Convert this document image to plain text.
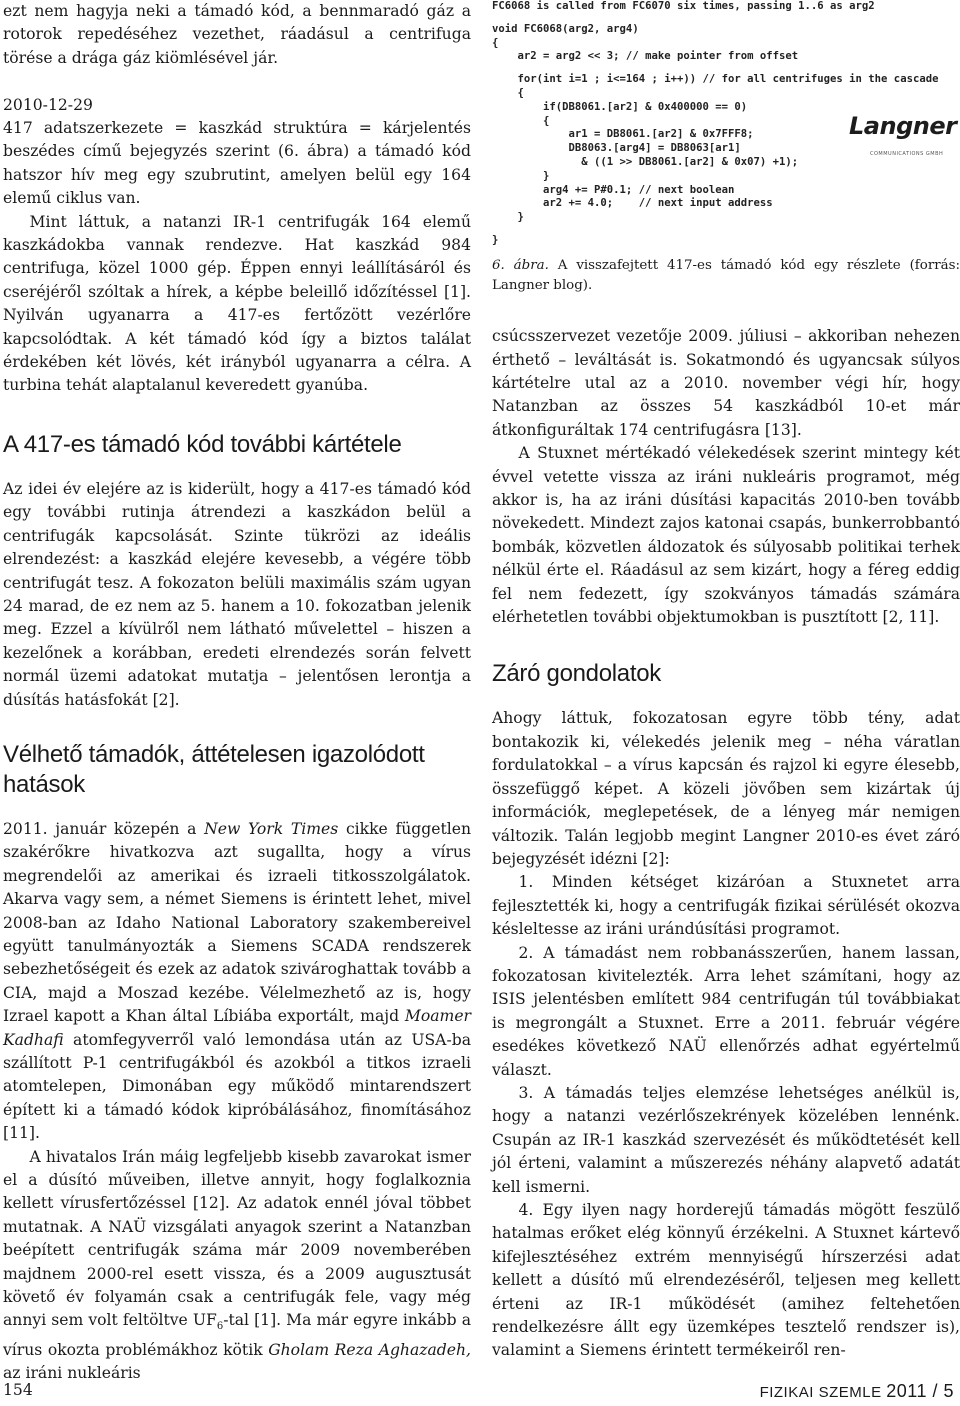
ezt nem hagyja neki a támadó kód, a bennmaradó gáz a rotorok repedéséhez vezethet, ráadásul a centrifuga törése a drága gáz kiömlésével jár.

2010-12-29
417 adatszerkezete = kaszkád struktúra = kárjelentés beszédes című bejegyzés szerint (6. ábra) a támadó kód hatszor hív meg egy szubrutint, amelyen belül egy 164 elemű ciklus van.

Mint láttuk, a natanzi IR-1 centrifugák 164 elemű kaszkádokba vannak rendezve. Hat kaszkád 984 centrifuga, közel 1000 gép. Éppen ennyi leállításáról és cseréjéről szóltak a hírek, a képbe beleillő időzítéssel [1]. Nyilván ugyanarra a 417-es fertőzött vezérlőre kapcsolódtak. A két támadó kód így a biztos találat érdekében két lövés, két irányból ugyanarra a célra. A turbina tehát alaptalanul keveredett gyanúba.

A 417-es támadó kód további kártétele

Az idei év elejére az is kiderült, hogy a 417-es támadó kód egy további rutinja átrendezi a kaszkádon belül a centrifugák kapcsolását. Szinte tükrözi az ideális elrendezést: a kaszkád elejére kevesebb, a végére több centrifugát tesz. A fokozaton belüli maximális szám ugyan 24 marad, de ez nem az 5. hanem a 10. fokozatban jelenik meg. Ezzel a kívülről nem látható művelettel – hiszen a kezelőnek a korábban, eredeti elrendezés során felvett normál üzemi adatokat mutatja – jelentősen lerontja a dúsítás hatásfokát [2].

Vélhető támadók, áttételesen igazolódott hatások

2011. január közepén a New York Times cikke független szakérőkre hivatkozva azt sugallta, hogy a vírus megrendelői az amerikai és izraeli titkosszolgálatok. Akarva vagy sem, a német Siemens is érintett lehet, mivel 2008-ban az Idaho National Laboratory szakembereivel együtt tanulmányozták a Siemens SCADA rendszerek sebezhetőségeit és ezek az adatok szivároghattak tovább a CIA, majd a Moszad kezébe. Vélelmezhető az is, hogy Izrael kapott a Khan által Líbiába exportált, majd Moamer Kadhafi atomfegyverről való lemondása után az USA-ba szállított P-1 centrifugákból és azokból a titkos izraeli atomtelepen, Dimonában egy működő mintarendszert épített ki a támadó kódok kipróbálásához, finomításához [11].

A hivatalos Irán máig legfeljebb kisebb zavarokat ismer el a dúsító műveiben, illetve annyit, hogy foglalkoznia kellett vírusfertőzéssel [12]. Az adatok ennél jóval többet mutatnak. A NAÜ vizsgálati anyagok szerint a Natanzban beépített centrifugák száma már 2009 novemberében majdnem 2000-rel esett vissza, és a 2009 augusztusát követő év folyamán csak a centrifugák fele, vagy még annyi sem volt feltöltve $UF_6$-tal [1]. Ma már egyre inkább a vírus okozta problémákhoz kötik Gholam Reza Aghazadeh, az iráni nukleáris

FC6068 is called from FC6070 six times, passing 1..6 as arg2
void FC6068(arg2, arg4)
{
ar2 = arg2 << 3; // make pointer from offset
for(int i=1 ; i<=164 ; i++)) // for all centrifuges in the cascade
{
if(DB8061.[ar2] & 0x400000 == 0)
{
ar1 = DB8061.[ar2] & 0x7FFF8;
DB8063.[arg4] = DB8063[ar1]
& ((1 >> DB8061.[ar2] & 0x07) +1);
}
arg4 += P#0.1; // next boolean
ar2 += 4.0;    // next input address
}
}
Langner
COMMUNICATIONS GMBH

6. ábra. A visszafejtett 417-es támadó kód egy részlete (forrás: Langner blog).

csúcsszervezet vezetője 2009. júliusi – akkoriban nehezen érthető – leváltását is. Sokatmondó és ugyancsak súlyos kártételre utal az a 2010. november végi hír, hogy Natanzban az összes 54 kaszkádból 10-et már átkonfiguráltak 174 centrifugásra [13].

A Stuxnet mértékadó vélekedések szerint mintegy két évvel vetette vissza az iráni nukleáris programot, még akkor is, ha az iráni dúsítási kapacitás 2010-ben tovább növekedett. Mindezt zajos katonai csapás, bunkerrobbantó bombák, közvetlen áldozatok és súlyosabb politikai terhek nélkül érte el. Ráadásul az sem kizárt, hogy a féreg eddig fel nem fedezett, így szokványos támadás számára elérhetetlen további objektumokban is pusztított [2, 11].

Záró gondolatok

Ahogy láttuk, fokozatosan egyre több tény, adat bontakozik ki, vélekedés jelenik meg – néha váratlan fordulatokkal – a vírus kapcsán és rajzol ki egyre élesebb, összefüggő képet. A közeli jövőben sem kizártak új információk, meglepetések, de a lényeg már nemigen változik. Talán legjobb megint Langner 2010-es évet záró bejegyzését idézni [2]:

1. Minden kétséget kizáróan a Stuxnetet arra fejlesztették ki, hogy a centrifugák fizikai sérülését okozva késleltesse az iráni urándúsítási programot.

2. A támadást nem robbanásszerűen, hanem lassan, fokozatosan kivitelezték. Arra lehet számítani, hogy az ISIS jelentésben említett 984 centrifugán túl továbbiakat is megrongált a Stuxnet. Erre a 2011. február végére esedékes következő NAÜ ellenőrzés adhat egyértelmű választ.

3. A támadás teljes elemzése lehetséges anélkül is, hogy a natanzi vezérlőszekrények közelében lennénk. Csupán az IR-1 kaszkád szervezését és működtetését kell jól érteni, valamint a műszerezés néhány alapvető adatát kell ismerni.

4. Egy ilyen nagy horderejű támadás mögött feszülő hatalmas erőket elég könnyű érzékelni. A Stuxnet kártevő kifejlesztéséhez extrém mennyiségű hírszerzési adat kellett a dúsító mű elrendezéséről, teljesen meg kellett érteni az IR-1 működését (amihez feltehetően rendelkezésre állt egy üzemképes tesztelő rendszer is), valamint a Siemens érintett termékeiről ren-

154	FIZIKAI SZEMLE 2011 / 5
